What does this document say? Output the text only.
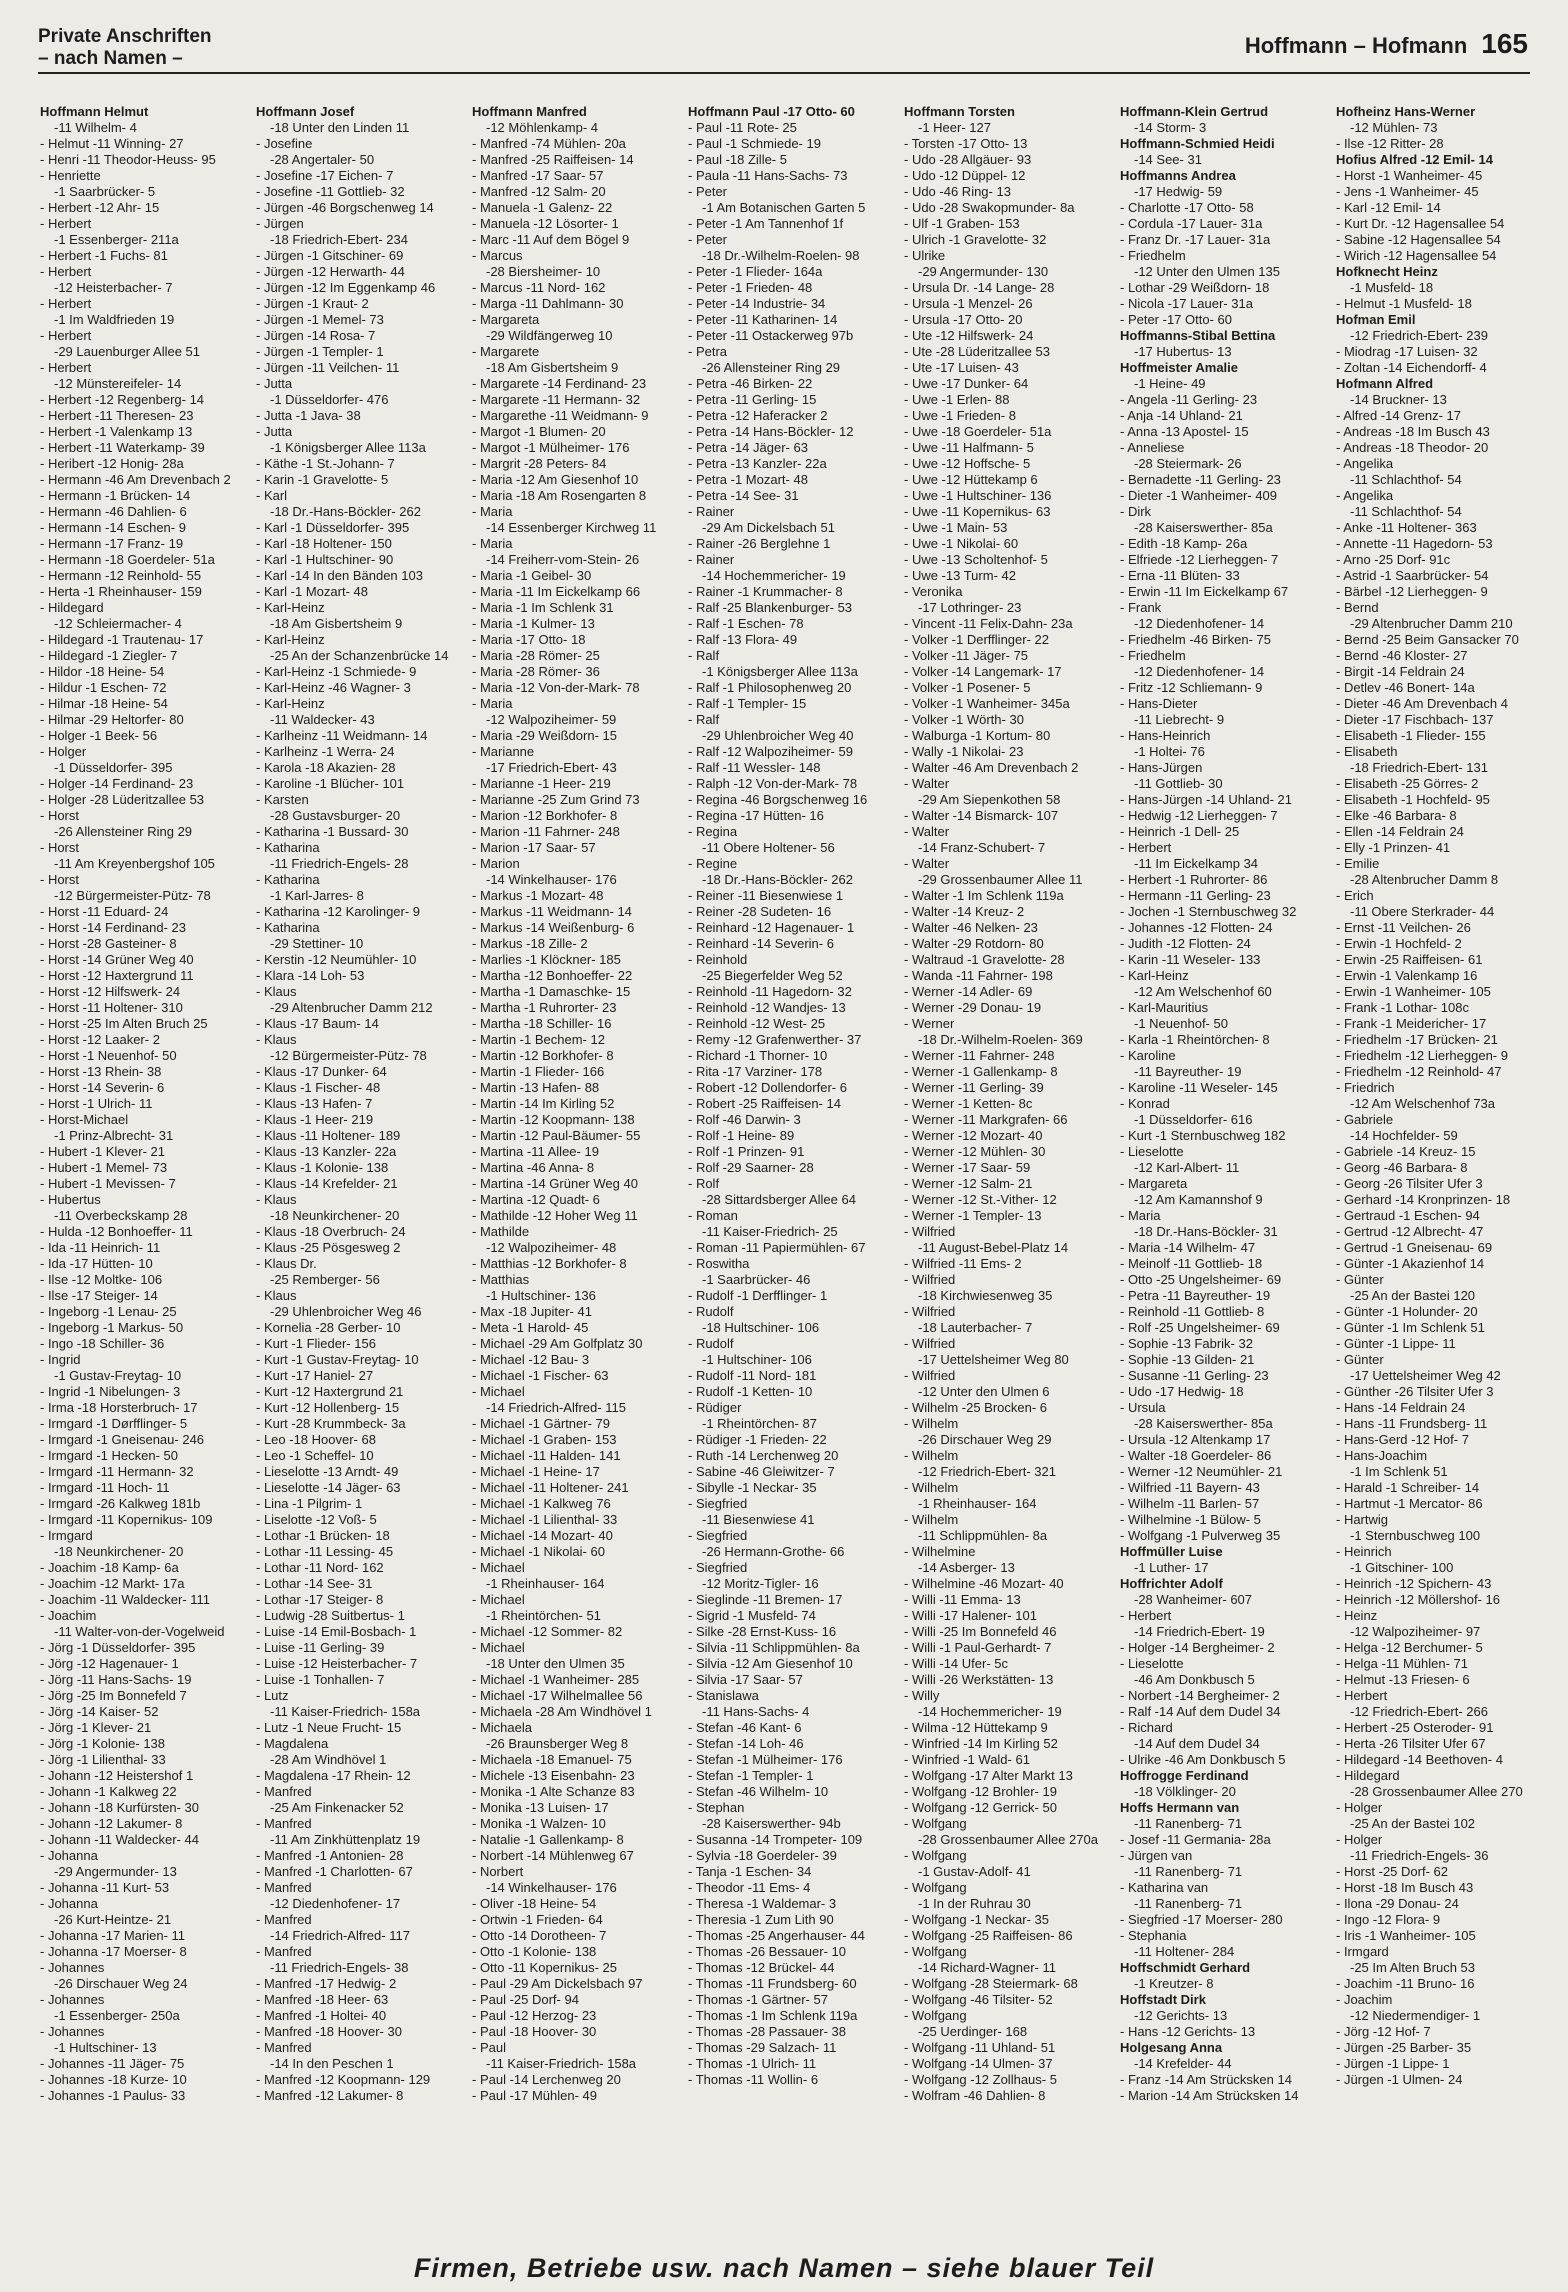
Private Anschriften
– nach Namen –
Hoffmann – Hofmann 165
Hoffmann Helmut
-11 Wilhelm- 4
- Helmut -11 Winning- 27
- Henri -11 Theodor-Heuss- 95
- Henriette
-1 Saarbrücker- 5
- Herbert -12 Ahr- 15
- Herbert
-1 Essenberger- 211a
- Herbert -1 Fuchs- 81
- Herbert
-12 Heisterbacher- 7
- Herbert
-1 Im Waldfrieden 19
- Herbert
-29 Lauenburger Allee 51
- Herbert
-12 Münstereifeler- 14
- Herbert -12 Regenberg- 14
- Herbert -11 Theresen- 23
- Herbert -1 Valenkamp 13
- Herbert -11 Waterkamp- 39
- Heribert -12 Honig- 28a
- Hermann -46 Am Drevenbach 2
- Hermann -1 Brücken- 14
- Hermann -46 Dahlien- 6
- Hermann -14 Eschen- 9
- Hermann -17 Franz- 19
- Hermann -18 Goerdeler- 51a
- Hermann -12 Reinhold- 55
- Herta -1 Rheinhauser- 159
- Hildegard
-12 Schleiermacher- 4
- Hildegard -1 Trautenau- 17
- Hildegard -1 Ziegler- 7
- Hildor -18 Heine- 54
- Hildur -1 Eschen- 72
- Hilmar -18 Heine- 54
- Hilmar -29 Heltorfer- 80
- Holger -1 Beek- 56
- Holger
-1 Düsseldorfer- 395
- Holger -14 Ferdinand- 23
- Holger -28 Lüderitzallee 53
- Horst
-26 Allensteiner Ring 29
- Horst
-11 Am Kreyenbergshof 105
- Horst
-12 Bürgermeister-Pütz- 78
- Horst -11 Eduard- 24
- Horst -14 Ferdinand- 23
- Horst -28 Gasteiner- 8
- Horst -14 Grüner Weg 40
- Horst -12 Haxtergrund 11
- Horst -12 Hilfswerk- 24
- Horst -11 Holtener- 310
- Horst -25 Im Alten Bruch 25
- Horst -12 Laaker- 2
- Horst -1 Neuenhof- 50
- Horst -13 Rhein- 38
- Horst -14 Severin- 6
- Horst -1 Ulrich- 11
- Horst-Michael
-1 Prinz-Albrecht- 31
- Hubert -1 Klever- 21
- Hubert -1 Memel- 73
- Hubert -1 Mevissen- 7
- Hubertus
-11 Overbeckskamp 28
- Hulda -12 Bonhoeffer- 11
- Ida -11 Heinrich- 11
- Ida -17 Hütten- 10
- Ilse -12 Moltke- 106
- Ilse -17 Steiger- 14
- Ingeborg -1 Lenau- 25
- Ingeborg -1 Markus- 50
- Ingo -18 Schiller- 36
- Ingrid
-1 Gustav-Freytag- 10
- Ingrid -1 Nibelungen- 3
- Irma -18 Horsterbruch- 17
- Irmgard -1 Dørfflinger- 5
- Irmgard -1 Gneisenau- 246
- Irmgard -1 Hecken- 50
- Irmgard -11 Hermann- 32
- Irmgard -11 Hoch- 11
- Irmgard -26 Kalkweg 181b
- Irmgard -11 Kopernikus- 109
- Irmgard
-18 Neunkirchener- 20
- Joachim -18 Kamp- 6a
- Joachim -12 Markt- 17a
- Joachim -11 Waldecker- 111
- Joachim
-11 Walter-von-der-Vogelweid
- Jörg -1 Düsseldorfer- 395
- Jörg -12 Hagenauer- 1
- Jörg -11 Hans-Sachs- 19
- Jörg -25 Im Bonnefeld 7
- Jörg -14 Kaiser- 52
- Jörg -1 Klever- 21
- Jörg -1 Kolonie- 138
- Jörg -1 Lilienthal- 33
- Johann -12 Heistershof 1
- Johann -1 Kalkweg 22
- Johann -18 Kurfürsten- 30
- Johann -12 Lakumer- 8
- Johann -11 Waldecker- 44
- Johanna
-29 Angermunder- 13
- Johanna -11 Kurt- 53
- Johanna
-26 Kurt-Heintze- 21
- Johanna -17 Marien- 11
- Johanna -17 Moerser- 8
- Johannes
-26 Dirschauer Weg 24
- Johannes
-1 Essenberger- 250a
- Johannes
-1 Hultschiner- 13
- Johannes -11 Jäger- 75
- Johannes -18 Kurze- 10
- Johannes -1 Paulus- 33
Hoffmann Josef
-18 Unter den Linden 11
- Josefine
-28 Angertaler- 50
- Josefine -17 Eichen- 7
- Josefine -11 Gottlieb- 32
- Jürgen -46 Borgschenweg 14
- Jürgen
-18 Friedrich-Ebert- 234
- Jürgen -1 Gitschiner- 69
- Jürgen -12 Herwarth- 44
- Jürgen -12 Im Eggenkamp 46
- Jürgen -1 Kraut- 2
- Jürgen -1 Memel- 73
- Jürgen -14 Rosa- 7
- Jürgen -1 Templer- 1
- Jürgen -11 Veilchen- 11
- Jutta
-1 Düsseldorfer- 476
- Jutta -1 Java- 38
- Jutta
-1 Königsberger Allee 113a
- Käthe -1 St.-Johann- 7
- Karin -1 Gravelotte- 5
- Karl
-18 Dr.-Hans-Böckler- 262
- Karl -1 Düsseldorfer- 395
- Karl -18 Holtener- 150
- Karl -1 Hultschiner- 90
- Karl -14 In den Bänden 103
- Karl -1 Mozart- 48
- Karl-Heinz
-18 Am Gisbertsheim 9
- Karl-Heinz
-25 An der Schanzenbrücke 14
- Karl-Heinz -1 Schmiede- 9
- Karl-Heinz -46 Wagner- 3
- Karl-Heinz
-11 Waldecker- 43
- Karlheinz -11 Weidmann- 14
- Karlheinz -1 Werra- 24
- Karola -18 Akazien- 28
- Karoline -1 Blücher- 101
- Karsten
-28 Gustavsburger- 20
- Katharina -1 Bussard- 30
- Katharina
-11 Friedrich-Engels- 28
- Katharina
-1 Karl-Jarres- 8
- Katharina -12 Karolinger- 9
- Katharina
-29 Stettiner- 10
- Kerstin -12 Neumühler- 10
- Klara -14 Loh- 53
- Klaus
-29 Altenbrucher Damm 212
- Klaus -17 Baum- 14
- Klaus
-12 Bürgermeister-Pütz- 78
- Klaus -17 Dunker- 64
- Klaus -1 Fischer- 48
- Klaus -13 Hafen- 7
- Klaus -1 Heer- 219
- Klaus -11 Holtener- 189
- Klaus -13 Kanzler- 22a
- Klaus -1 Kolonie- 138
- Klaus -14 Krefelder- 21
- Klaus
-18 Neunkirchener- 20
- Klaus -18 Overbruch- 24
- Klaus -25 Pösgesweg 2
- Klaus Dr.
-25 Remberger- 56
- Klaus
-29 Uhlenbroicher Weg 46
- Kornelia -28 Gerber- 10
- Kurt -1 Flieder- 156
- Kurt -1 Gustav-Freytag- 10
- Kurt -17 Haniel- 27
- Kurt -12 Haxtergrund 21
- Kurt -12 Hollenberg- 15
- Kurt -28 Krummbeck- 3a
- Leo -18 Hoover- 68
- Leo -1 Scheffel- 10
- Lieselotte -13 Arndt- 49
- Lieselotte -14 Jäger- 63
- Lina -1 Pilgrim- 1
- Liselotte -12 Voß- 5
- Lothar -1 Brücken- 18
- Lothar -11 Lessing- 45
- Lothar -11 Nord- 162
- Lothar -14 See- 31
- Lothar -17 Steiger- 8
- Ludwig -28 Suitbertus- 1
- Luise -14 Emil-Bosbach- 1
- Luise -11 Gerling- 39
- Luise -12 Heisterbacher- 7
- Luise -1 Tonhallen- 7
- Lutz
-11 Kaiser-Friedrich- 158a
- Lutz -1 Neue Frucht- 15
- Magdalena
-28 Am Windhövel 1
- Magdalena -17 Rhein- 12
- Manfred
-25 Am Finkenacker 52
- Manfred
-11 Am Zinkhüttenplatz 19
- Manfred -1 Antonien- 28
- Manfred -1 Charlotten- 67
- Manfred
-12 Diedenhofener- 17
- Manfred
-14 Friedrich-Alfred- 117
- Manfred
-11 Friedrich-Engels- 38
- Manfred -17 Hedwig- 2
- Manfred -18 Heer- 63
- Manfred -1 Holtei- 40
- Manfred -18 Hoover- 30
- Manfred
-14 In den Peschen 1
- Manfred -12 Koopmann- 129
- Manfred -12 Lakumer- 8
Hoffmann Manfred
-12 Möhlenkamp- 4
- Manfred -74 Mühlen- 20a
- Manfred -25 Raiffeisen- 14
- Manfred -17 Saar- 57
- Manfred -12 Salm- 20
- Manuela -1 Galenz- 22
- Manuela -12 Lösorter- 1
- Marc -11 Auf dem Bögel 9
- Marcus
-28 Biersheimer- 10
- Marcus -11 Nord- 162
- Marga -11 Dahlmann- 30
- Margareta
-29 Wildfängerweg 10
- Margarete
-18 Am Gisbertsheim 9
- Margarete -14 Ferdinand- 23
- Margarete -11 Hermann- 32
- Margarethe -11 Weidmann- 9
- Margot -1 Blumen- 20
- Margot -1 Mülheimer- 176
- Margrit -28 Peters- 84
- Maria -12 Am Giesenhof 10
- Maria -18 Am Rosengarten 8
- Maria
-14 Essenberger Kirchweg 11
- Maria
-14 Freiherr-vom-Stein- 26
- Maria -1 Geibel- 30
- Maria -11 Im Eickelkamp 66
- Maria -1 Im Schlenk 31
- Maria -1 Kulmer- 13
- Maria -17 Otto- 18
- Maria -28 Römer- 25
- Maria -28 Römer- 36
- Maria -12 Von-der-Mark- 78
- Maria
-12 Walpoziheimer- 59
- Maria -29 Weißdorn- 15
- Marianne
-17 Friedrich-Ebert- 43
- Marianne -1 Heer- 219
- Marianne -25 Zum Grind 73
- Marion -12 Borkhofer- 8
- Marion -11 Fahrner- 248
- Marion -17 Saar- 57
- Marion
-14 Winkelhauser- 176
- Markus -1 Mozart- 48
- Markus -11 Weidmann- 14
- Markus -14 Weißenburg- 6
- Markus -18 Zille- 2
- Marlies -1 Klöckner- 185
- Martha -12 Bonhoeffer- 22
- Martha -1 Damaschke- 15
- Martha -1 Ruhrorter- 23
- Martha -18 Schiller- 16
- Martin -1 Bechem- 12
- Martin -12 Borkhofer- 8
- Martin -1 Flieder- 166
- Martin -13 Hafen- 88
- Martin -14 Im Kirling 52
- Martin -12 Koopmann- 138
- Martin -12 Paul-Bäumer- 55
- Martina -11 Allee- 19
- Martina -46 Anna- 8
- Martina -14 Grüner Weg 40
- Martina -12 Quadt- 6
- Mathilde -12 Hoher Weg 11
- Mathilde
-12 Walpoziheimer- 48
- Matthias -12 Borkhofer- 8
- Matthias
-1 Hultschiner- 136
- Max -18 Jupiter- 41
- Meta -1 Harold- 45
- Michael -29 Am Golfplatz 30
- Michael -12 Bau- 3
- Michael -1 Fischer- 63
- Michael
-14 Friedrich-Alfred- 115
- Michael -1 Gärtner- 79
- Michael -1 Graben- 153
- Michael -11 Halden- 141
- Michael -1 Heine- 17
- Michael -11 Holtener- 241
- Michael -1 Kalkweg 76
- Michael -1 Lilienthal- 33
- Michael -14 Mozart- 40
- Michael -1 Nikolai- 60
- Michael
-1 Rheinhauser- 164
- Michael
-1 Rheintörchen- 51
- Michael -12 Sommer- 82
- Michael
-18 Unter den Ulmen 35
- Michael -1 Wanheimer- 285
- Michael -17 Wilhelmallee 56
- Michaela -28 Am Windhövel 1
- Michaela
-26 Braunsberger Weg 8
- Michaela -18 Emanuel- 75
- Michele -13 Eisenbahn- 23
- Monika -1 Alte Schanze 83
- Monika -13 Luisen- 17
- Monika -1 Walzen- 10
- Natalie -1 Gallenkamp- 8
- Norbert -14 Mühlenweg 67
- Norbert
-14 Winkelhauser- 176
- Oliver -18 Heine- 54
- Ortwin -1 Frieden- 64
- Otto -14 Dorotheen- 7
- Otto -1 Kolonie- 138
- Otto -11 Kopernikus- 25
- Paul -29 Am Dickelsbach 97
- Paul -25 Dorf- 94
- Paul -12 Herzog- 23
- Paul -18 Hoover- 30
- Paul
-11 Kaiser-Friedrich- 158a
- Paul -14 Lerchenweg 20
- Paul -17 Mühlen- 49
Hoffmann Paul -17 Otto- 60
- Paul -11 Rote- 25
- Paul -1 Schmiede- 19
- Paul -18 Zille- 5
- Paula -11 Hans-Sachs- 73
- Peter
-1 Am Botanischen Garten 5
- Peter -1 Am Tannenhof 1f
- Peter
-18 Dr.-Wilhelm-Roelen- 98
- Peter -1 Flieder- 164a
- Peter -1 Frieden- 48
- Peter -14 Industrie- 34
- Peter -11 Katharinen- 14
- Peter -11 Ostackerweg 97b
- Petra
-26 Allensteiner Ring 29
- Petra -46 Birken- 22
- Petra -11 Gerling- 15
- Petra -12 Haferacker 2
- Petra -14 Hans-Böckler- 12
- Petra -14 Jäger- 63
- Petra -13 Kanzler- 22a
- Petra -1 Mozart- 48
- Petra -14 See- 31
- Rainer
-29 Am Dickelsbach 51
- Rainer -26 Berglehne 1
- Rainer
-14 Hochemmericher- 19
- Rainer -1 Krummacher- 8
- Ralf -25 Blankenburger- 53
- Ralf -1 Eschen- 78
- Ralf -13 Flora- 49
- Ralf
-1 Königsberger Allee 113a
- Ralf -1 Philosophenweg 20
- Ralf -1 Templer- 15
- Ralf
-29 Uhlenbroicher Weg 40
- Ralf -12 Walpoziheimer- 59
- Ralf -11 Wessler- 148
- Ralph -12 Von-der-Mark- 78
- Regina -46 Borgschenweg 16
- Regina -17 Hütten- 16
- Regina
-11 Obere Holtener- 56
- Regine
-18 Dr.-Hans-Böckler- 262
- Reiner -11 Biesenwiese 1
- Reiner -28 Sudeten- 16
- Reinhard -12 Hagenauer- 1
- Reinhard -14 Severin- 6
- Reinhold
-25 Biegerfelder Weg 52
- Reinhold -11 Hagedorn- 32
- Reinhold -12 Wandjes- 13
- Reinhold -12 West- 25
- Remy -12 Grafenwerther- 37
- Richard -1 Thorner- 10
- Rita -17 Varziner- 178
- Robert -12 Dollendorfer- 6
- Robert -25 Raiffeisen- 14
- Rolf -46 Darwin- 3
- Rolf -1 Heine- 89
- Rolf -1 Prinzen- 91
- Rolf -29 Saarner- 28
- Rolf
-28 Sittardsberger Allee 64
- Roman
-11 Kaiser-Friedrich- 25
- Roman -11 Papiermühlen- 67
- Roswitha
-1 Saarbrücker- 46
- Rudolf -1 Derfflinger- 1
- Rudolf
-18 Hultschiner- 106
- Rudolf
-1 Hultschiner- 106
- Rudolf -11 Nord- 181
- Rudolf -1 Ketten- 10
- Rüdiger
-1 Rheintörchen- 87
- Rüdiger -1 Frieden- 22
- Ruth -14 Lerchenweg 20
- Sabine -46 Gleiwitzer- 7
- Sibylle -1 Neckar- 35
- Siegfried
-11 Biesenwiese 41
- Siegfried
-26 Hermann-Grothe- 66
- Siegfried
-12 Moritz-Tigler- 16
- Sieglinde -11 Bremen- 17
- Sigrid -1 Musfeld- 74
- Silke -28 Ernst-Kuss- 16
- Silvia -11 Schlippmühlen- 8a
- Silvia -12 Am Giesenhof 10
- Silvia -17 Saar- 57
- Stanislawa
-11 Hans-Sachs- 4
- Stefan -46 Kant- 6
- Stefan -14 Loh- 46
- Stefan -1 Mülheimer- 176
- Stefan -1 Templer- 1
- Stefan -46 Wilhelm- 10
- Stephan
-28 Kaiserswerther- 94b
- Susanna -14 Trompeter- 109
- Sylvia -18 Goerdeler- 39
- Tanja -1 Eschen- 34
- Theodor -11 Ems- 4
- Theresa -1 Waldemar- 3
- Theresia -1 Zum Lith 90
- Thomas -25 Angerhauser- 44
- Thomas -26 Bessauer- 10
- Thomas -12 Brückel- 44
- Thomas -11 Frundsberg- 60
- Thomas -1 Gärtner- 57
- Thomas -1 Im Schlenk 119a
- Thomas -28 Passauer- 38
- Thomas -29 Salzach- 11
- Thomas -1 Ulrich- 11
- Thomas -11 Wollin- 6
Hoffmann Torsten
-1 Heer- 127
- Torsten -17 Otto- 13
- Udo -28 Allgäuer- 93
- Udo -12 Düppel- 12
- Udo -46 Ring- 13
- Udo -28 Swakopmunder- 8a
- Ulf -1 Graben- 153
- Ulrich -1 Gravelotte- 32
- Ulrike
-29 Angermunder- 130
- Ursula Dr. -14 Lange- 28
- Ursula -1 Menzel- 26
- Ursula -17 Otto- 20
- Ute -12 Hilfswerk- 24
- Ute -28 Lüderitzallee 53
- Ute -17 Luisen- 43
- Uwe -17 Dunker- 64
- Uwe -1 Erlen- 88
- Uwe -1 Frieden- 8
- Uwe -18 Goerdeler- 51a
- Uwe -11 Halfmann- 5
- Uwe -12 Hoffsche- 5
- Uwe -12 Hüttekamp 6
- Uwe -1 Hultschiner- 136
- Uwe -11 Kopernikus- 63
- Uwe -1 Main- 53
- Uwe -1 Nikolai- 60
- Uwe -13 Scholtenhof- 5
- Uwe -13 Turm- 42
- Veronika
-17 Lothringer- 23
- Vincent -11 Felix-Dahn- 23a
- Volker -1 Derfflinger- 22
- Volker -11 Jäger- 75
- Volker -14 Langemark- 17
- Volker -1 Posener- 5
- Volker -1 Wanheimer- 345a
- Volker -1 Wörth- 30
- Walburga -1 Kortum- 80
- Wally -1 Nikolai- 23
- Walter -46 Am Drevenbach 2
- Walter
-29 Am Siepenkothen 58
- Walter -14 Bismarck- 107
- Walter
-14 Franz-Schubert- 7
- Walter
-29 Grossenbaumer Allee 11
- Walter -1 Im Schlenk 119a
- Walter -14 Kreuz- 2
- Walter -46 Nelken- 23
- Walter -29 Rotdorn- 80
- Waltraud -1 Gravelotte- 28
- Wanda -11 Fahrner- 198
- Werner -14 Adler- 69
- Werner -29 Donau- 19
- Werner
-18 Dr.-Wilhelm-Roelen- 369
- Werner -11 Fahrner- 248
- Werner -1 Gallenkamp- 8
- Werner -11 Gerling- 39
- Werner -1 Ketten- 8c
- Werner -11 Markgrafen- 66
- Werner -12 Mozart- 40
- Werner -12 Mühlen- 30
- Werner -17 Saar- 59
- Werner -12 Salm- 21
- Werner -12 St.-Vither- 12
- Werner -1 Templer- 13
- Wilfried
-11 August-Bebel-Platz 14
- Wilfried -11 Ems- 2
- Wilfried
-18 Kirchwiesenweg 35
- Wilfried
-18 Lauterbacher- 7
- Wilfried
-17 Uettelsheimer Weg 80
- Wilfried
-12 Unter den Ulmen 6
- Wilhelm -25 Brocken- 6
- Wilhelm
-26 Dirschauer Weg 29
- Wilhelm
-12 Friedrich-Ebert- 321
- Wilhelm
-1 Rheinhauser- 164
- Wilhelm
-11 Schlippmühlen- 8a
- Wilhelmine
-14 Asberger- 13
- Wilhelmine -46 Mozart- 40
- Willi -11 Emma- 13
- Willi -17 Halener- 101
- Willi -25 Im Bonnefeld 46
- Willi -1 Paul-Gerhardt- 7
- Willi -14 Ufer- 5c
- Willi -26 Werkstätten- 13
- Willy
-14 Hochemmericher- 19
- Wilma -12 Hüttekamp 9
- Winfried -14 Im Kirling 52
- Winfried -1 Wald- 61
- Wolfgang -17 Alter Markt 13
- Wolfgang -12 Brohler- 19
- Wolfgang -12 Gerrick- 50
- Wolfgang
-28 Grossenbaumer Allee 270a
- Wolfgang
-1 Gustav-Adolf- 41
- Wolfgang
-1 In der Ruhrau 30
- Wolfgang -1 Neckar- 35
- Wolfgang -25 Raiffeisen- 86
- Wolfgang
-14 Richard-Wagner- 11
- Wolfgang -28 Steiermark- 68
- Wolfgang -46 Tilsiter- 52
- Wolfgang
-25 Uerdinger- 168
- Wolfgang -11 Uhland- 51
- Wolfgang -14 Ulmen- 37
- Wolfgang -12 Zollhaus- 5
- Wolfram -46 Dahlien- 8
Hoffmann-Klein Gertrud
-14 Storm- 3
Hoffmann-Schmied Heidi
-14 See- 31
Hoffmanns Andrea
-17 Hedwig- 59
- Charlotte -17 Otto- 58
- Cordula -17 Lauer- 31a
- Franz Dr. -17 Lauer- 31a
- Friedhelm
-12 Unter den Ulmen 135
- Lothar -29 Weißdorn- 18
- Nicola -17 Lauer- 31a
- Peter -17 Otto- 60
Hoffmanns-Stibal Bettina
-17 Hubertus- 13
Hoffmeister Amalie
-1 Heine- 49
- Angela -11 Gerling- 23
- Anja -14 Uhland- 21
- Anna -13 Apostel- 15
- Anneliese
-28 Steiermark- 26
- Bernadette -11 Gerling- 23
- Dieter -1 Wanheimer- 409
- Dirk
-28 Kaiserswerther- 85a
- Edith -18 Kamp- 26a
- Elfriede -12 Lierheggen- 7
- Erna -11 Blüten- 33
- Erwin -11 Im Eickelkamp 67
- Frank
-12 Diedenhofener- 14
- Friedhelm -46 Birken- 75
- Friedhelm
-12 Diedenhofener- 14
- Fritz -12 Schliemann- 9
- Hans-Dieter
-11 Liebrecht- 9
- Hans-Heinrich
-1 Holtei- 76
- Hans-Jürgen
-11 Gottlieb- 30
- Hans-Jürgen -14 Uhland- 21
- Hedwig -12 Lierheggen- 7
- Heinrich -1 Dell- 25
- Herbert
-11 Im Eickelkamp 34
- Herbert -1 Ruhrorter- 86
- Hermann -11 Gerling- 23
- Jochen -1 Sternbuschweg 32
- Johannes -12 Flotten- 24
- Judith -12 Flotten- 24
- Karin -11 Weseler- 133
- Karl-Heinz
-12 Am Welschenhof 60
- Karl-Mauritius
-1 Neuenhof- 50
- Karla -1 Rheintörchen- 8
- Karoline
-11 Bayreuther- 19
- Karoline -11 Weseler- 145
- Konrad
-1 Düsseldorfer- 616
- Kurt -1 Sternbuschweg 182
- Lieselotte
-12 Karl-Albert- 11
- Margareta
-12 Am Kamannshof 9
- Maria
-18 Dr.-Hans-Böckler- 31
- Maria -14 Wilhelm- 47
- Meinolf -11 Gottlieb- 18
- Otto -25 Ungelsheimer- 69
- Petra -11 Bayreuther- 19
- Reinhold -11 Gottlieb- 8
- Rolf -25 Ungelsheimer- 69
- Sophie -13 Fabrik- 32
- Sophie -13 Gilden- 21
- Susanne -11 Gerling- 23
- Udo -17 Hedwig- 18
- Ursula
-28 Kaiserswerther- 85a
- Ursula -12 Altenkamp 17
- Walter -18 Goerdeler- 86
- Werner -12 Neumühler- 21
- Wilfried -11 Bayern- 43
- Wilhelm -11 Barlen- 57
- Wilhelmine -1 Bülow- 5
- Wolfgang -1 Pulverweg 35
Hoffmüller Luise
-1 Luther- 17
Hoffrichter Adolf
-28 Wanheimer- 607
- Herbert
-14 Friedrich-Ebert- 19
- Holger -14 Bergheimer- 2
- Lieselotte
-46 Am Donkbusch 5
- Norbert -14 Bergheimer- 2
- Ralf -14 Auf dem Dudel 34
- Richard
-14 Auf dem Dudel 34
- Ulrike -46 Am Donkbusch 5
Hoffrogge Ferdinand
-18 Völklinger- 20
Hoffs Hermann van
-11 Ranenberg- 71
- Josef -11 Germania- 28a
- Jürgen van
-11 Ranenberg- 71
- Katharina van
-11 Ranenberg- 71
- Siegfried -17 Moerser- 280
- Stephania
-11 Holtener- 284
Hoffschmidt Gerhard
-1 Kreutzer- 8
Hoffstadt Dirk
-12 Gerichts- 13
- Hans -12 Gerichts- 13
Holgesang Anna
-14 Krefelder- 44
- Franz -14 Am Strücksken 14
- Marion -14 Am Strücksken 14
Hofheinz Hans-Werner
-12 Mühlen- 73
- Ilse -12 Ritter- 28
Hofius Alfred -12 Emil- 14
- Horst -1 Wanheimer- 45
- Jens -1 Wanheimer- 45
- Karl -12 Emil- 14
- Kurt Dr. -12 Hagensallee 54
- Sabine -12 Hagensallee 54
- Wirich -12 Hagensallee 54
Hofknecht Heinz
-1 Musfeld- 18
- Helmut -1 Musfeld- 18
Hofman Emil
-12 Friedrich-Ebert- 239
- Miodrag -17 Luisen- 32
- Zoltan -14 Eichendorff- 4
Hofmann Alfred
-14 Bruckner- 13
- Alfred -14 Grenz- 17
- Andreas -18 Im Busch 43
- Andreas -18 Theodor- 20
- Angelika
-11 Schlachthof- 54
- Angelika
-11 Schlachthof- 54
- Anke -11 Holtener- 363
- Annette -11 Hagedorn- 53
- Arno -25 Dorf- 91c
- Astrid -1 Saarbrücker- 54
- Bärbel -12 Lierheggen- 9
- Bernd
-29 Altenbrucher Damm 210
- Bernd -25 Beim Gansacker 70
- Bernd -46 Kloster- 27
- Birgit -14 Feldrain 24
- Detlev -46 Bonert- 14a
- Dieter -46 Am Drevenbach 4
- Dieter -17 Fischbach- 137
- Elisabeth -1 Flieder- 155
- Elisabeth
-18 Friedrich-Ebert- 131
- Elisabeth -25 Görres- 2
- Elisabeth -1 Hochfeld- 95
- Elke -46 Barbara- 8
- Ellen -14 Feldrain 24
- Elly -1 Prinzen- 41
- Emilie
-28 Altenbrucher Damm 8
- Erich
-11 Obere Sterkrader- 44
- Ernst -11 Veilchen- 26
- Erwin -1 Hochfeld- 2
- Erwin -25 Raiffeisen- 61
- Erwin -1 Valenkamp 16
- Erwin -1 Wanheimer- 105
- Frank -1 Lothar- 108c
- Frank -1 Meidericher- 17
- Friedhelm -17 Brücken- 21
- Friedhelm -12 Lierheggen- 9
- Friedhelm -12 Reinhold- 47
- Friedrich
-12 Am Welschenhof 73a
- Gabriele
-14 Hochfelder- 59
- Gabriele -14 Kreuz- 15
- Georg -46 Barbara- 8
- Georg -26 Tilsiter Ufer 3
- Gerhard -14 Kronprinzen- 18
- Gertraud -1 Eschen- 94
- Gertrud -12 Albrecht- 47
- Gertrud -1 Gneisenau- 69
- Günter -1 Akazienhof 14
- Günter
-25 An der Bastei 120
- Günter -1 Holunder- 20
- Günter -1 Im Schlenk 51
- Günter -1 Lippe- 11
- Günter
-17 Uettelsheimer Weg 42
- Günther -26 Tilsiter Ufer 3
- Hans -14 Feldrain 24
- Hans -11 Frundsberg- 11
- Hans-Gerd -12 Hof- 7
- Hans-Joachim
-1 Im Schlenk 51
- Harald -1 Schreiber- 14
- Hartmut -1 Mercator- 86
- Hartwig
-1 Sternbuschweg 100
- Heinrich
-1 Gitschiner- 100
- Heinrich -12 Spichern- 43
- Heinrich -12 Möllershof- 16
- Heinz
-12 Walpoziheimer- 97
- Helga -12 Berchumer- 5
- Helga -11 Mühlen- 71
- Helmut -13 Friesen- 6
- Herbert
-12 Friedrich-Ebert- 266
- Herbert -25 Osteroder- 91
- Herta -26 Tilsiter Ufer 67
- Hildegard -14 Beethoven- 4
- Hildegard
-28 Grossenbaumer Allee 270
- Holger
-25 An der Bastei 102
- Holger
-11 Friedrich-Engels- 36
- Horst -25 Dorf- 62
- Horst -18 Im Busch 43
- Ilona -29 Donau- 24
- Ingo -12 Flora- 9
- Iris -1 Wanheimer- 105
- Irmgard
-25 Im Alten Bruch 53
- Joachim -11 Bruno- 16
- Joachim
-12 Niedermendiger- 1
- Jörg -12 Hof- 7
- Jürgen -25 Barber- 35
- Jürgen -1 Lippe- 1
- Jürgen -1 Ulmen- 24
Firmen, Betriebe usw. nach Namen – siehe blauer Teil
